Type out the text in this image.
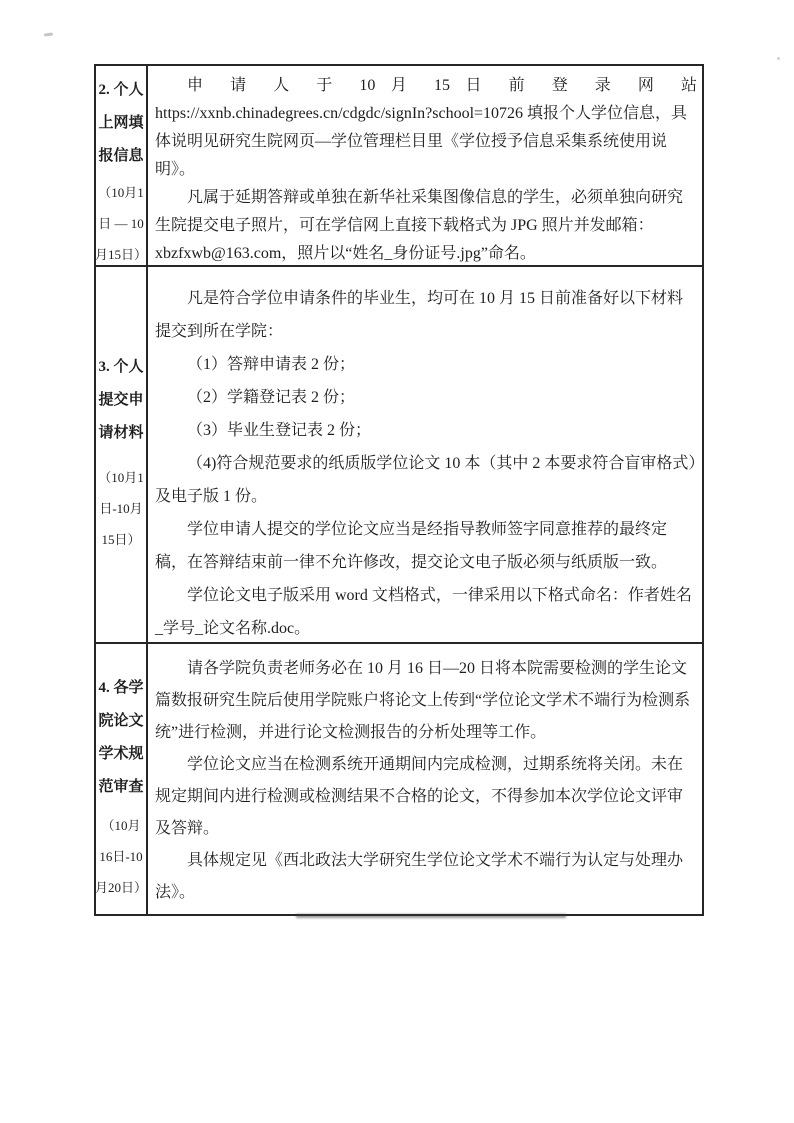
2. 个人
上网填
报信息
（10月1
日 — 10
月15日）
申 请 人 于 10 月 15 日 前 登 录 网 站
https://xxnb.chinadegrees.cn/cdgdc/signIn?school=10726 填报个人学位信息，具体说明见研究生院网页—学位管理栏目里《学位授予信息采集系统使用说明》。
凡属于延期答辩或单独在新华社采集图像信息的学生，必须单独向研究生院提交电子照片，可在学信网上直接下载格式为 JPG 照片并发邮箱：xbzfxwb@163.com，照片以“姓名_身份证号.jpg”命名。
3. 个人
提交申
请材料
（10月1
日-10月
15日）
凡是符合学位申请条件的毕业生，均可在 10 月 15 日前准备好以下材料提交到所在学院：
（1）答辩申请表 2 份；
（2）学籍登记表 2 份；
（3）毕业生登记表 2 份；
（4)符合规范要求的纸质版学位论文 10 本（其中 2 本要求符合盲审格式）及电子版 1 份。
学位申请人提交的学位论文应当是经指导教师签字同意推荐的最终定稿，在答辩结束前一律不允许修改，提交论文电子版必须与纸质版一致。
学位论文电子版采用 word 文档格式，一律采用以下格式命名：作者姓名_学号_论文名称.doc。
4. 各学
院论文
学术规
范审查
（10月
16日-10
月20日）
请各学院负责老师务必在 10 月 16 日—20 日将本院需要检测的学生论文篇数报研究生院后使用学院账户将论文上传到“学位论文学术不端行为检测系统”进行检测，并进行论文检测报告的分析处理等工作。
学位论文应当在检测系统开通期间内完成检测，过期系统将关闭。未在规定期间内进行检测或检测结果不合格的论文，不得参加本次学位论文评审及答辩。
具体规定见《西北政法大学研究生学位论文学术不端行为认定与处理办法》。
